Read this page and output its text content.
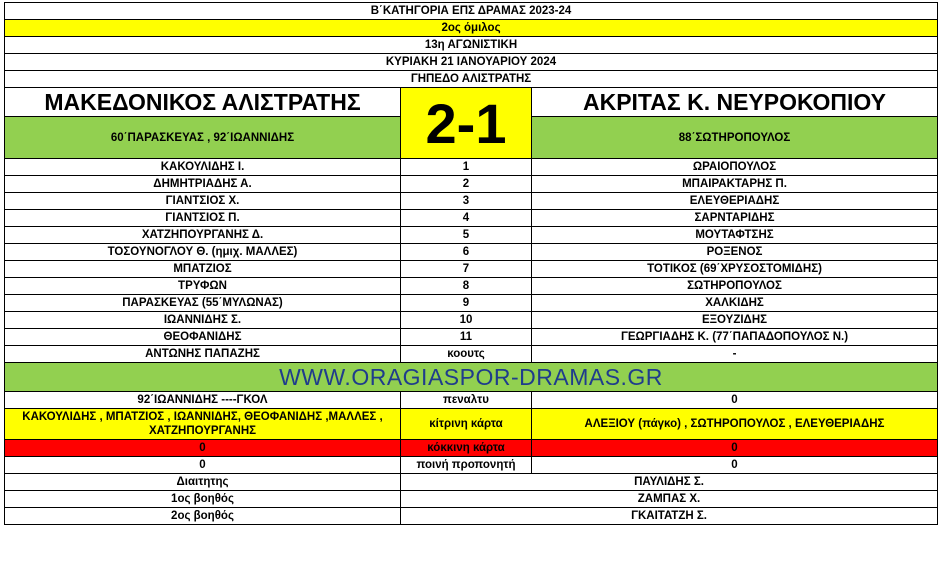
Β΄ΚΑΤΗΓΟΡΙΑ ΕΠΣ ΔΡΑΜΑΣ 2023-24		
2ος όμιλος		
13η ΑΓΩΝΙΣΤΙΚΗ		
ΚΥΡΙΑΚΗ 21 ΙΑΝΟΥΑΡΙΟΥ 2024		
ΓΗΠΕΔΟ ΑΛΙΣΤΡΑΤΗΣ		
ΜΑΚΕΔΟΝΙΚΟΣ ΑΛΙΣΤΡΑΤΗΣ	2-1	ΑΚΡΙΤΑΣ Κ. ΝΕΥΡΟΚΟΠΙΟΥ
60΄ΠΑΡΑΣΚΕΥΑΣ , 92΄ΙΩΑΝΝΙΔΗΣ		88΄ΣΩΤΗΡΟΠΟΥΛΟΣ
ΚΑΚΟΥΛΙΔΗΣ Ι.	1	ΩΡΑΙΟΠΟΥΛΟΣ
ΔΗΜΗΤΡΙΑΔΗΣ Α.	2	ΜΠΑΙΡΑΚΤΑΡΗΣ Π.
ΓΙΑΝΤΣΙΟΣ Χ.	3	ΕΛΕΥΘΕΡΙΑΔΗΣ
ΓΙΑΝΤΣΙΟΣ Π.	4	ΣΑΡΝΤΑΡΙΔΗΣ
ΧΑΤΖΗΠΟΥΡΓΑΝΗΣ Δ.	5	ΜΟΥΤΑΦΤΣΗΣ
ΤΟΣΟΥΝΟΓΛΟΥ Θ. (ημιχ. ΜΑΛΛΕΣ)	6	ΡΟΞΕΝΟΣ
ΜΠΑΤΖΙΟΣ	7	ΤΟΤΙΚΟΣ (69΄ΧΡΥΣΟΣΤΟΜΙΔΗΣ)
ΤΡΥΦΩΝ	8	ΣΩΤΗΡΟΠΟΥΛΟΣ
ΠΑΡΑΣΚΕΥΑΣ (55΄ΜΥΛΩΝΑΣ)	9	ΧΑΛΚΙΔΗΣ
ΙΩΑΝΝΙΔΗΣ Σ.	10	ΕΞΟΥΖΙΔΗΣ
ΘΕΟΦΑΝΙΔΗΣ	11	ΓΕΩΡΓΙΑΔΗΣ Κ. (77΄ΠΑΠΑΔΟΠΟΥΛΟΣ Ν.)
ΑΝΤΩΝΗΣ ΠΑΠΑΖΗΣ	κοουτς	-
WWW.ORAGIASPOR-DRAMAS.GR		
92΄ΙΩΑΝΝΙΔΗΣ ----ΓΚΟΛ	πεναλτυ	0
ΚΑΚΟΥΛΙΔΗΣ , ΜΠΑΤΖΙΟΣ , ΙΩΑΝΝΙΔΗΣ, ΘΕΟΦΑΝΙΔΗΣ ,ΜΑΛΛΕΣ , ΧΑΤΖΗΠΟΥΡΓΑΝΗΣ	κίτρινη κάρτα	ΑΛΕΞΙΟΥ (πάγκο) , ΣΩΤΗΡΟΠΟΥΛΟΣ , ΕΛΕΥΘΕΡΙΑΔΗΣ
0	κόκκινη κάρτα	0
0	ποινή προπονητή	0
Διαιτητης	ΠΑΥΛΙΔΗΣ Σ.	
1ος βοηθός	ΖΑΜΠΑΣ Χ.	
2ος βοηθός	ΓΚΑΙΤΑΤΖΗ Σ.	
